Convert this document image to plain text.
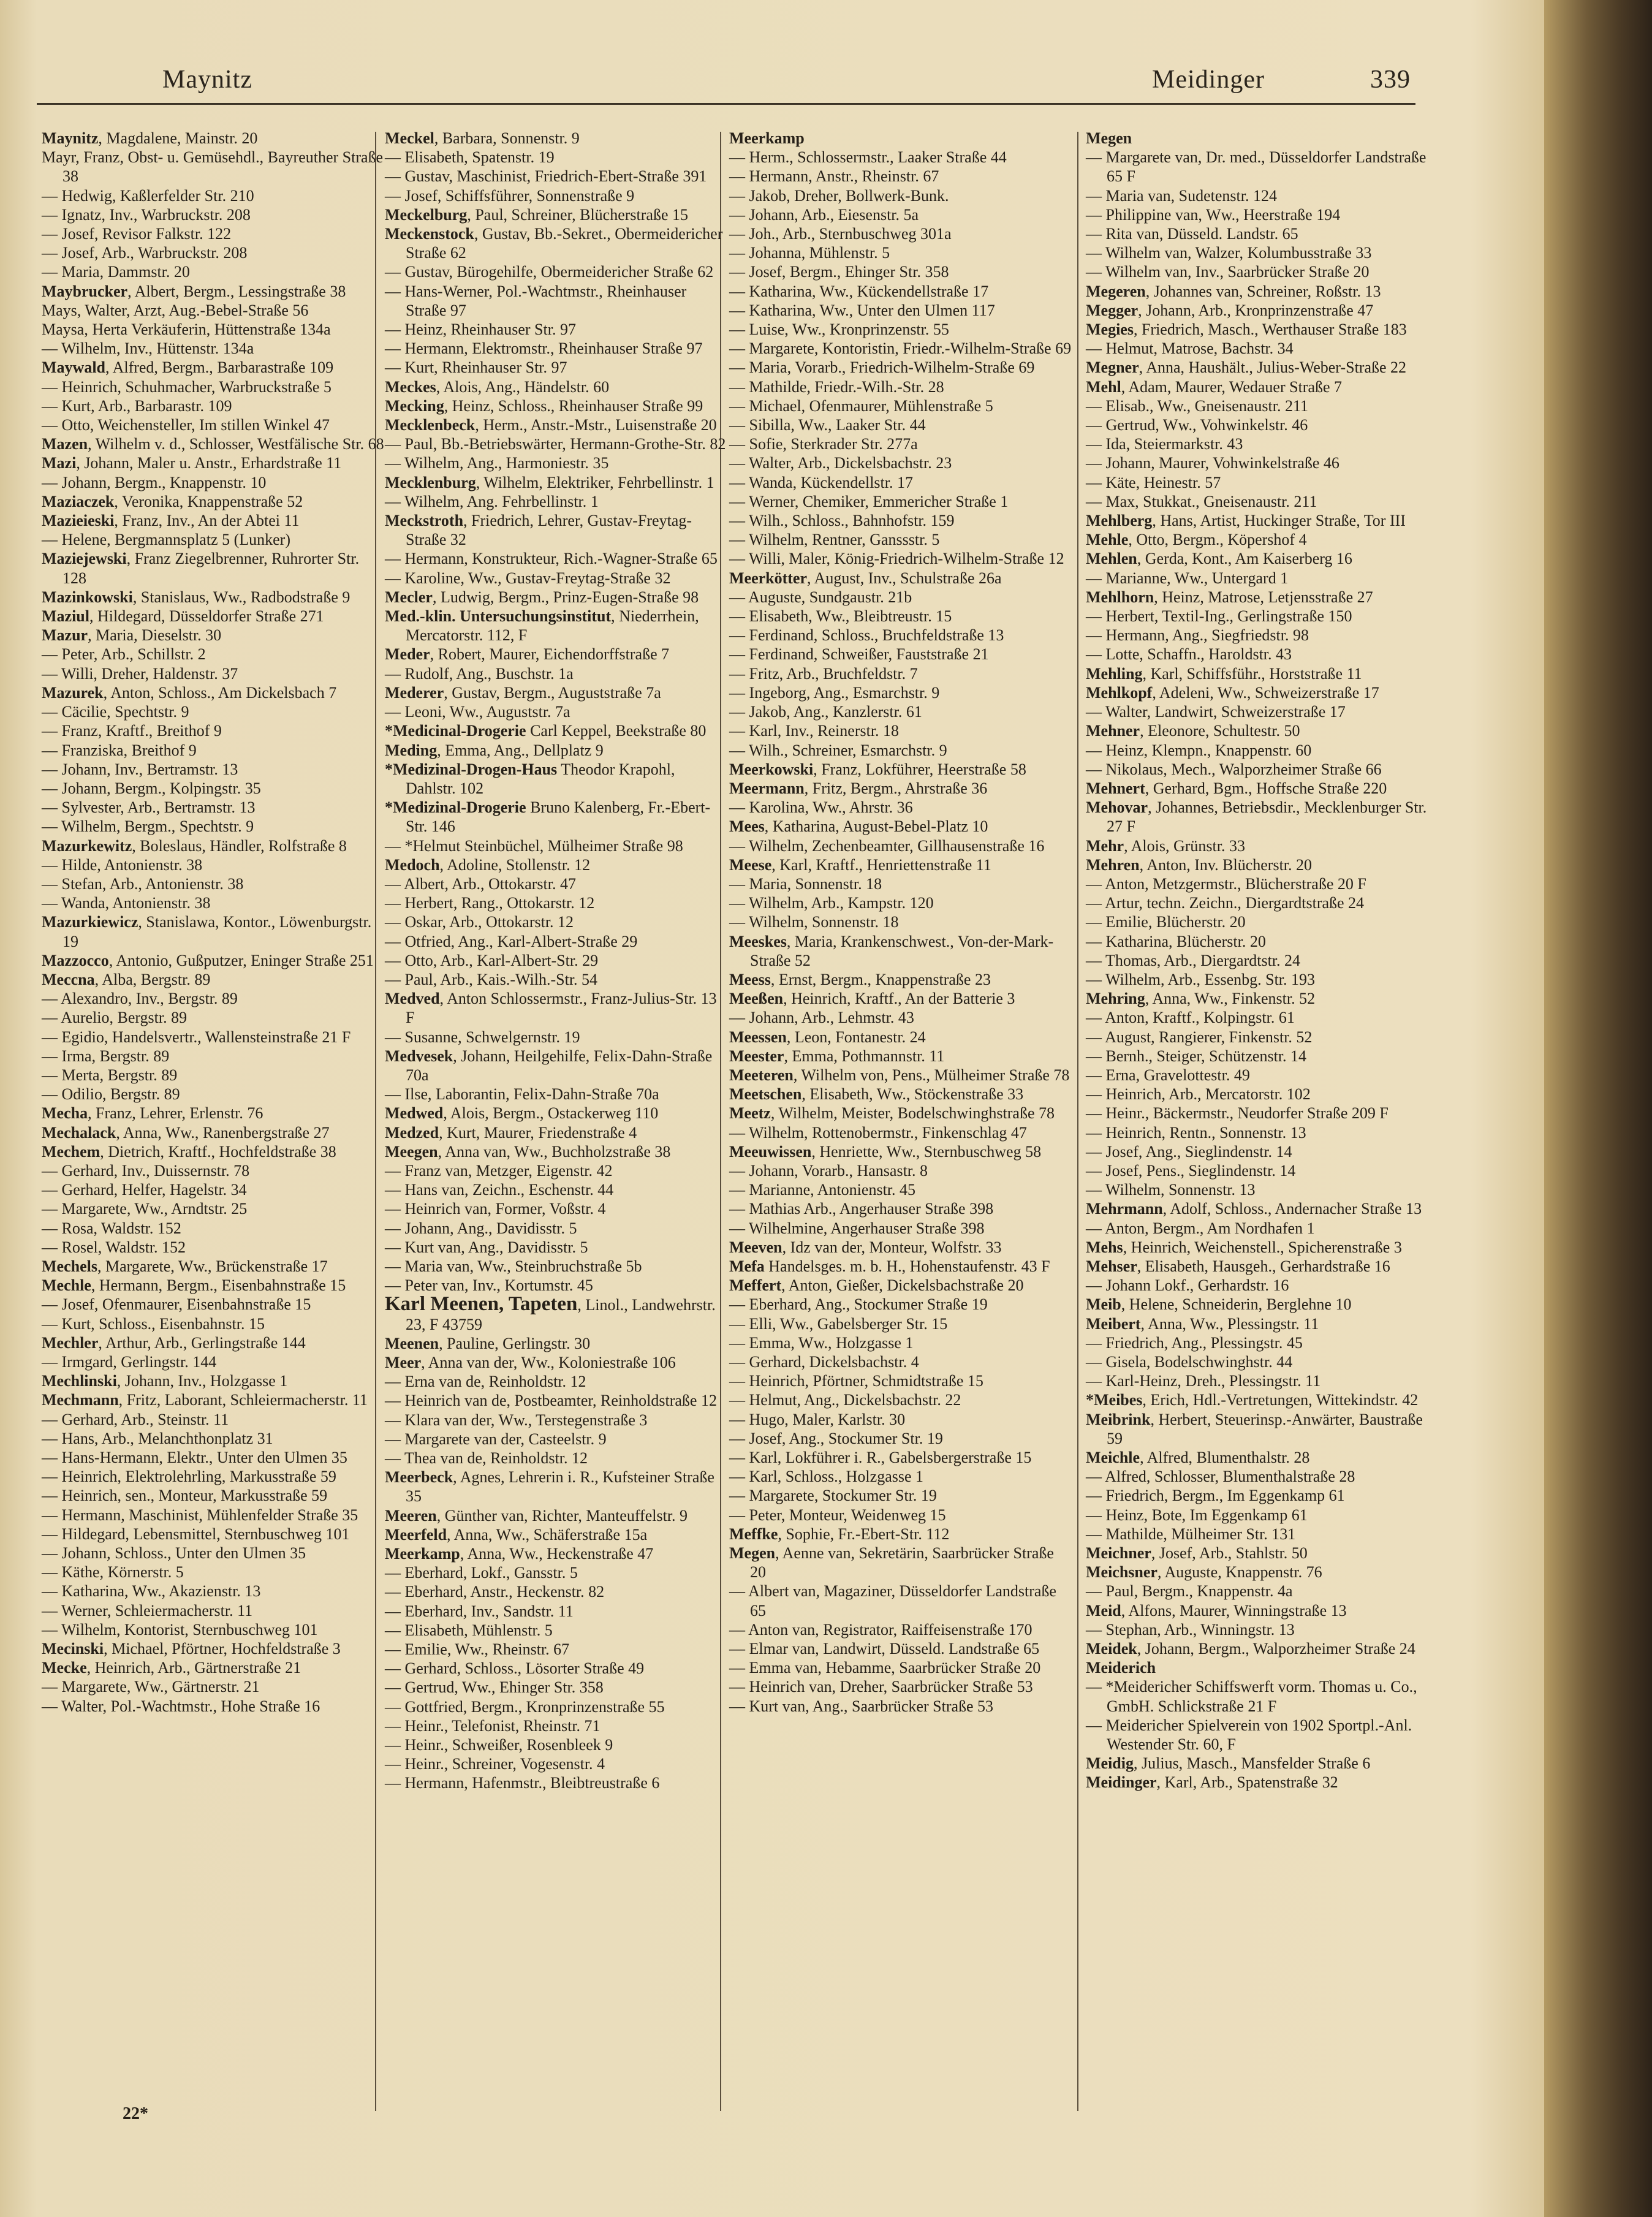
Maynitz	Meidinger	339

Maynitz, Magdalene, Mainstr. 20

Mayr, Franz, Obst- u. Gemüsehdl., Bayreuther Straße 38

— Hedwig, Kaßlerfelder Str. 210

— Ignatz, Inv., Warbruckstr. 208

— Josef, Revisor Falkstr. 122

— Josef, Arb., Warbruckstr. 208

— Maria, Dammstr. 20

Maybrucker, Albert, Bergm., Lessingstraße 38

Mays, Walter, Arzt, Aug.-Bebel-Straße 56

Maysa, Herta Verkäuferin, Hüttenstraße 134a

— Wilhelm, Inv., Hüttenstr. 134a

Maywald, Alfred, Bergm., Barbarastraße 109

— Heinrich, Schuhmacher, Warbruckstraße 5

— Kurt, Arb., Barbarastr. 109

— Otto, Weichensteller, Im stillen Winkel 47

Mazen, Wilhelm v. d., Schlosser, Westfälische Str. 68

Mazi, Johann, Maler u. Anstr., Erhardstraße 11

— Johann, Bergm., Knappenstr. 10

Maziaczek, Veronika, Knappenstraße 52

Mazieieski, Franz, Inv., An der Abtei 11

— Helene, Bergmannsplatz 5 (Lunker)

Maziejewski, Franz Ziegelbrenner, Ruhrorter Str. 128

Mazinkowski, Stanislaus, Ww., Radbodstraße 9

Maziul, Hildegard, Düsseldorfer Straße 271

Mazur, Maria, Dieselstr. 30

— Peter, Arb., Schillstr. 2

— Willi, Dreher, Haldenstr. 37

Mazurek, Anton, Schloss., Am Dickelsbach 7

— Cäcilie, Spechtstr. 9

— Franz, Kraftf., Breithof 9

— Franziska, Breithof 9

— Johann, Inv., Bertramstr. 13

— Johann, Bergm., Kolpingstr. 35

— Sylvester, Arb., Bertramstr. 13

— Wilhelm, Bergm., Spechtstr. 9

Mazurkewitz, Boleslaus, Händler, Rolfstraße 8

— Hilde, Antonienstr. 38

— Stefan, Arb., Antonienstr. 38

— Wanda, Antonienstr. 38

Mazurkiewicz, Stanislawa, Kontor., Löwenburgstr. 19

Mazzocco, Antonio, Gußputzer, Eninger Straße 251

Meccna, Alba, Bergstr. 89

— Alexandro, Inv., Bergstr. 89

— Aurelio, Bergstr. 89

— Egidio, Handelsvertr., Wallensteinstraße 21 F

— Irma, Bergstr. 89

— Merta, Bergstr. 89

— Odilio, Bergstr. 89

Mecha, Franz, Lehrer, Erlenstr. 76

Mechalack, Anna, Ww., Ranenbergstraße 27

Mechem, Dietrich, Kraftf., Hochfeldstraße 38

— Gerhard, Inv., Duissernstr. 78

— Gerhard, Helfer, Hagelstr. 34

— Margarete, Ww., Arndtstr. 25

— Rosa, Waldstr. 152

— Rosel, Waldstr. 152

Mechels, Margarete, Ww., Brückenstraße 17

Mechle, Hermann, Bergm., Eisenbahnstraße 15

— Josef, Ofenmaurer, Eisenbahnstraße 15

— Kurt, Schloss., Eisenbahnstr. 15

Mechler, Arthur, Arb., Gerlingstraße 144

— Irmgard, Gerlingstr. 144

Mechlinski, Johann, Inv., Holzgasse 1

Mechmann, Fritz, Laborant, Schleiermacherstr. 11

— Gerhard, Arb., Steinstr. 11

— Hans, Arb., Melanchthonplatz 31

— Hans-Hermann, Elektr., Unter den Ulmen 35

— Heinrich, Elektrolehrling, Markusstraße 59

— Heinrich, sen., Monteur, Markusstraße 59

— Hermann, Maschinist, Mühlenfelder Straße 35

— Hildegard, Lebensmittel, Sternbuschweg 101

— Johann, Schloss., Unter den Ulmen 35

— Käthe, Körnerstr. 5

— Katharina, Ww., Akazienstr. 13

— Werner, Schleiermacherstr. 11

— Wilhelm, Kontorist, Sternbuschweg 101

Mecinski, Michael, Pförtner, Hochfeldstraße 3

Mecke, Heinrich, Arb., Gärtnerstraße 21

— Margarete, Ww., Gärtnerstr. 21

— Walter, Pol.-Wachtmstr., Hohe Straße 16

Meckel, Barbara, Sonnenstr. 9

— Elisabeth, Spatenstr. 19

— Gustav, Maschinist, Friedrich-Ebert-Straße 391

— Josef, Schiffsführer, Sonnenstraße 9

Meckelburg, Paul, Schreiner, Blücherstraße 15

Meckenstock, Gustav, Bb.-Sekret., Obermeidericher Straße 62

— Gustav, Bürogehilfe, Obermeidericher Straße 62

— Hans-Werner, Pol.-Wachtmstr., Rheinhauser Straße 97

— Heinz, Rheinhauser Str. 97

— Hermann, Elektromstr., Rheinhauser Straße 97

— Kurt, Rheinhauser Str. 97

Meckes, Alois, Ang., Händelstr. 60

Mecking, Heinz, Schloss., Rheinhauser Straße 99

Mecklenbeck, Herm., Anstr.-Mstr., Luisenstraße 20

— Paul, Bb.-Betriebswärter, Hermann-Grothe-Str. 82

— Wilhelm, Ang., Harmoniestr. 35

Mecklenburg, Wilhelm, Elektriker, Fehrbellinstr. 1

— Wilhelm, Ang. Fehrbellinstr. 1

Meckstroth, Friedrich, Lehrer, Gustav-Freytag-Straße 32

— Hermann, Konstrukteur, Rich.-Wagner-Straße 65

— Karoline, Ww., Gustav-Freytag-Straße 32

Mecler, Ludwig, Bergm., Prinz-Eugen-Straße 98

Med.-klin. Untersuchungsinstitut, Niederrhein, Mercatorstr. 112, F

Meder, Robert, Maurer, Eichendorffstraße 7

— Rudolf, Ang., Buschstr. 1a

Mederer, Gustav, Bergm., Auguststraße 7a

— Leoni, Ww., Auguststr. 7a

*Medicinal-Drogerie Carl Keppel, Beekstraße 80

Meding, Emma, Ang., Dellplatz 9

*Medizinal-Drogen-Haus Theodor Krapohl, Dahlstr. 102

*Medizinal-Drogerie Bruno Kalenberg, Fr.-Ebert-Str. 146

— *Helmut Steinbüchel, Mülheimer Straße 98

Medoch, Adoline, Stollenstr. 12

— Albert, Arb., Ottokarstr. 47

— Herbert, Rang., Ottokarstr. 12

— Oskar, Arb., Ottokarstr. 12

— Otfried, Ang., Karl-Albert-Straße 29

— Otto, Arb., Karl-Albert-Str. 29

— Paul, Arb., Kais.-Wilh.-Str. 54

Medved, Anton Schlossermstr., Franz-Julius-Str. 13 F

— Susanne, Schwelgernstr. 19

Medvesek, Johann, Heilgehilfe, Felix-Dahn-Straße 70a

— Ilse, Laborantin, Felix-Dahn-Straße 70a

Medwed, Alois, Bergm., Ostackerweg 110

Medzed, Kurt, Maurer, Friedenstraße 4

Meegen, Anna van, Ww., Buchholzstraße 38

— Franz van, Metzger, Eigenstr. 42

— Hans van, Zeichn., Eschenstr. 44

— Heinrich van, Former, Voßstr. 4

— Johann, Ang., Davidisstr. 5

— Kurt van, Ang., Davidisstr. 5

— Maria van, Ww., Steinbruchstraße 5b

— Peter van, Inv., Kortumstr. 45

Karl Meenen, Tapeten, Linol., Landwehrstr. 23, F 43759

Meenen, Pauline, Gerlingstr. 30

Meer, Anna van der, Ww., Koloniestraße 106

— Erna van de, Reinholdstr. 12

— Heinrich van de, Postbeamter, Reinholdstraße 12

— Klara van der, Ww., Terstegenstraße 3

— Margarete van der, Casteelstr. 9

— Thea van de, Reinholdstr. 12

Meerbeck, Agnes, Lehrerin i. R., Kufsteiner Straße 35

Meeren, Günther van, Richter, Manteuffelstr. 9

Meerfeld, Anna, Ww., Schäferstraße 15a

Meerkamp, Anna, Ww., Heckenstraße 47

— Eberhard, Lokf., Gansstr. 5

— Eberhard, Anstr., Heckenstr. 82

— Eberhard, Inv., Sandstr. 11

— Elisabeth, Mühlenstr. 5

— Emilie, Ww., Rheinstr. 67

— Gerhard, Schloss., Lösorter Straße 49

— Gertrud, Ww., Ehinger Str. 358

— Gottfried, Bergm., Kronprinzenstraße 55

— Heinr., Telefonist, Rheinstr. 71

— Heinr., Schweißer, Rosenbleek 9

— Heinr., Schreiner, Vogesenstr. 4

— Hermann, Hafenmstr., Bleibtreustraße 6

Meerkamp

— Herm., Schlossermstr., Laaker Straße 44

— Hermann, Anstr., Rheinstr. 67

— Jakob, Dreher, Bollwerk-Bunk.

— Johann, Arb., Eiesenstr. 5a

— Joh., Arb., Sternbuschweg 301a

— Johanna, Mühlenstr. 5

— Josef, Bergm., Ehinger Str. 358

— Katharina, Ww., Kückendellstraße 17

— Katharina, Ww., Unter den Ulmen 117

— Luise, Ww., Kronprinzenstr. 55

— Margarete, Kontoristin, Friedr.-Wilhelm-Straße 69

— Maria, Vorarb., Friedrich-Wilhelm-Straße 69

— Mathilde, Friedr.-Wilh.-Str. 28

— Michael, Ofenmaurer, Mühlenstraße 5

— Sibilla, Ww., Laaker Str. 44

— Sofie, Sterkrader Str. 277a

— Walter, Arb., Dickelsbachstr. 23

— Wanda, Kückendellstr. 17

— Werner, Chemiker, Emmericher Straße 1

— Wilh., Schloss., Bahnhofstr. 159

— Wilhelm, Rentner, Ganssstr. 5

— Willi, Maler, König-Friedrich-Wilhelm-Straße 12

Meerkötter, August, Inv., Schulstraße 26a

— Auguste, Sundgaustr. 21b

— Elisabeth, Ww., Bleibtreustr. 15

— Ferdinand, Schloss., Bruchfeldstraße 13

— Ferdinand, Schweißer, Fauststraße 21

— Fritz, Arb., Bruchfeldstr. 7

— Ingeborg, Ang., Esmarchstr. 9

— Jakob, Ang., Kanzlerstr. 61

— Karl, Inv., Reinerstr. 18

— Wilh., Schreiner, Esmarchstr. 9

Meerkowski, Franz, Lokführer, Heerstraße 58

Meermann, Fritz, Bergm., Ahrstraße 36

— Karolina, Ww., Ahrstr. 36

Mees, Katharina, August-Bebel-Platz 10

— Wilhelm, Zechenbeamter, Gillhausenstraße 16

Meese, Karl, Kraftf., Henriettenstraße 11

— Maria, Sonnenstr. 18

— Wilhelm, Arb., Kampstr. 120

— Wilhelm, Sonnenstr. 18

Meeskes, Maria, Krankenschwest., Von-der-Mark-Straße 52

Meess, Ernst, Bergm., Knappenstraße 23

Meeßen, Heinrich, Kraftf., An der Batterie 3

— Johann, Arb., Lehmstr. 43

Meessen, Leon, Fontanestr. 24

Meester, Emma, Pothmannstr. 11

Meeteren, Wilhelm von, Pens., Mülheimer Straße 78

Meetschen, Elisabeth, Ww., Stöckenstraße 33

Meetz, Wilhelm, Meister, Bodelschwinghstraße 78

— Wilhelm, Rottenobermstr., Finkenschlag 47

Meeuwissen, Henriette, Ww., Sternbuschweg 58

— Johann, Vorarb., Hansastr. 8

— Marianne, Antonienstr. 45

— Mathias Arb., Angerhauser Straße 398

— Wilhelmine, Angerhauser Straße 398

Meeven, Idz van der, Monteur, Wolfstr. 33

Mefa Handelsges. m. b. H., Hohenstaufenstr. 43 F

Meffert, Anton, Gießer, Dickelsbachstraße 20

— Eberhard, Ang., Stockumer Straße 19

— Elli, Ww., Gabelsberger Str. 15

— Emma, Ww., Holzgasse 1

— Gerhard, Dickelsbachstr. 4

— Heinrich, Pförtner, Schmidtstraße 15

— Helmut, Ang., Dickelsbachstr. 22

— Hugo, Maler, Karlstr. 30

— Josef, Ang., Stockumer Str. 19

— Karl, Lokführer i. R., Gabelsbergerstraße 15

— Karl, Schloss., Holzgasse 1

— Margarete, Stockumer Str. 19

— Peter, Monteur, Weidenweg 15

Meffke, Sophie, Fr.-Ebert-Str. 112

Megen, Aenne van, Sekretärin, Saarbrücker Straße 20

— Albert van, Magaziner, Düsseldorfer Landstraße 65

— Anton van, Registrator, Raiffeisenstraße 170

— Elmar van, Landwirt, Düsseld. Landstraße 65

— Emma van, Hebamme, Saarbrücker Straße 20

— Heinrich van, Dreher, Saarbrücker Straße 53

— Kurt van, Ang., Saarbrücker Straße 53

Megen

— Margarete van, Dr. med., Düsseldorfer Landstraße 65 F

— Maria van, Sudetenstr. 124

— Philippine van, Ww., Heerstraße 194

— Rita van, Düsseld. Landstr. 65

— Wilhelm van, Walzer, Kolumbusstraße 33

— Wilhelm van, Inv., Saarbrücker Straße 20

Megeren, Johannes van, Schreiner, Roßstr. 13

Megger, Johann, Arb., Kronprinzenstraße 47

Megies, Friedrich, Masch., Werthauser Straße 183

— Helmut, Matrose, Bachstr. 34

Megner, Anna, Haushält., Julius-Weber-Straße 22

Mehl, Adam, Maurer, Wedauer Straße 7

— Elisab., Ww., Gneisenaustr. 211

— Gertrud, Ww., Vohwinkelstr. 46

— Ida, Steiermarkstr. 43

— Johann, Maurer, Vohwinkelstraße 46

— Käte, Heinestr. 57

— Max, Stukkat., Gneisenaustr. 211

Mehlberg, Hans, Artist, Huckinger Straße, Tor III

Mehle, Otto, Bergm., Köpershof 4

Mehlen, Gerda, Kont., Am Kaiserberg 16

— Marianne, Ww., Untergard 1

Mehlhorn, Heinz, Matrose, Letjensstraße 27

— Herbert, Textil-Ing., Gerlingstraße 150

— Hermann, Ang., Siegfriedstr. 98

— Lotte, Schaffn., Haroldstr. 43

Mehling, Karl, Schiffsführ., Horststraße 11

Mehlkopf, Adeleni, Ww., Schweizerstraße 17

— Walter, Landwirt, Schweizerstraße 17

Mehner, Eleonore, Schultestr. 50

— Heinz, Klempn., Knappenstr. 60

— Nikolaus, Mech., Walporzheimer Straße 66

Mehnert, Gerhard, Bgm., Hoffsche Straße 220

Mehovar, Johannes, Betriebsdir., Mecklenburger Str. 27 F

Mehr, Alois, Grünstr. 33

Mehren, Anton, Inv. Blücherstr. 20

— Anton, Metzgermstr., Blücherstraße 20 F

— Artur, techn. Zeichn., Diergardtstraße 24

— Emilie, Blücherstr. 20

— Katharina, Blücherstr. 20

— Thomas, Arb., Diergardtstr. 24

— Wilhelm, Arb., Essenbg. Str. 193

Mehring, Anna, Ww., Finkenstr. 52

— Anton, Kraftf., Kolpingstr. 61

— August, Rangierer, Finkenstr. 52

— Bernh., Steiger, Schützenstr. 14

— Erna, Gravelottestr. 49

— Heinrich, Arb., Mercatorstr. 102

— Heinr., Bäckermstr., Neudorfer Straße 209 F

— Heinrich, Rentn., Sonnenstr. 13

— Josef, Ang., Sieglindenstr. 14

— Josef, Pens., Sieglindenstr. 14

— Wilhelm, Sonnenstr. 13

Mehrmann, Adolf, Schloss., Andernacher Straße 13

— Anton, Bergm., Am Nordhafen 1

Mehs, Heinrich, Weichenstell., Spicherenstraße 3

Mehser, Elisabeth, Hausgeh., Gerhardstraße 16

— Johann Lokf., Gerhardstr. 16

Meib, Helene, Schneiderin, Berglehne 10

Meibert, Anna, Ww., Plessingstr. 11

— Friedrich, Ang., Plessingstr. 45

— Gisela, Bodelschwinghstr. 44

— Karl-Heinz, Dreh., Plessingstr. 11

*Meibes, Erich, Hdl.-Vertretungen, Wittekindstr. 42

Meibrink, Herbert, Steuerinsp.-Anwärter, Baustraße 59

Meichle, Alfred, Blumenthalstr. 28

— Alfred, Schlosser, Blumenthalstraße 28

— Friedrich, Bergm., Im Eggenkamp 61

— Heinz, Bote, Im Eggenkamp 61

— Mathilde, Mülheimer Str. 131

Meichner, Josef, Arb., Stahlstr. 50

Meichsner, Auguste, Knappenstr. 76

— Paul, Bergm., Knappenstr. 4a

Meid, Alfons, Maurer, Winningstraße 13

— Stephan, Arb., Winningstr. 13

Meidek, Johann, Bergm., Walporzheimer Straße 24

Meiderich

— *Meidericher Schiffswerft vorm. Thomas u. Co., GmbH. Schlickstraße 21 F

— Meidericher Spielverein von 1902 Sportpl.-Anl. Westender Str. 60, F

Meidig, Julius, Masch., Mansfelder Straße 6

Meidinger, Karl, Arb., Spatenstraße 32

22*
